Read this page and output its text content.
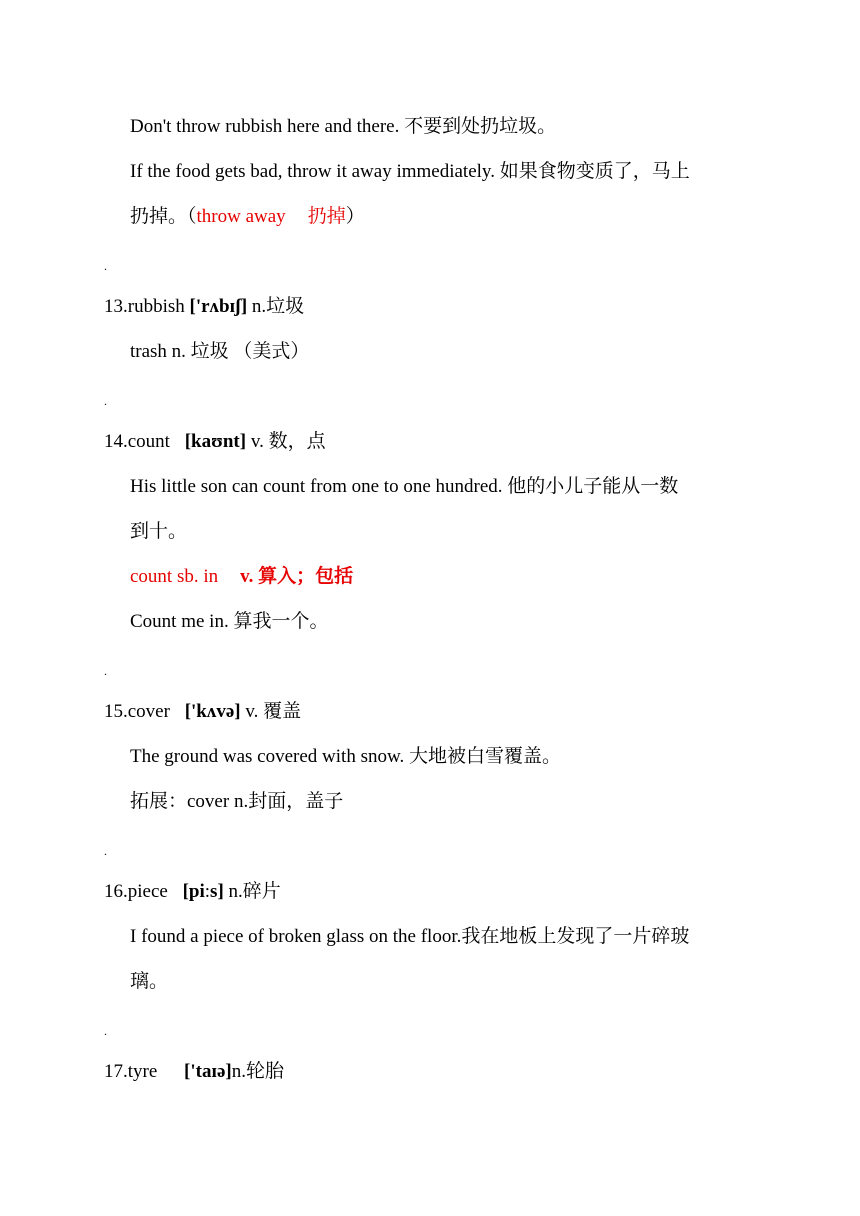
Don't throw rubbish here and there. 不要到处扔垃圾。
If the food gets bad, throw it away immediately. 如果食物变质了，马上
扔掉。（throw away 扔掉）
.
13.rubbish ['rʌbɪʃ] n.垃圾
trash n. 垃圾 （美式）
.
14.count [kaʊnt] v. 数，点
His little son can count from one to one hundred. 他的小儿子能从一数
到十。
count sb. in v. 算入；包括
Count me in. 算我一个。
.
15.cover ['kʌvə] v. 覆盖
The ground was covered with snow. 大地被白雪覆盖。
拓展：cover n.封面，盖子
.
16.piece [pi:s] n.碎片
I found a piece of broken glass on the floor.我在地板上发现了一片碎玻
璃。
.
17.tyre ['taɪə]n.轮胎
